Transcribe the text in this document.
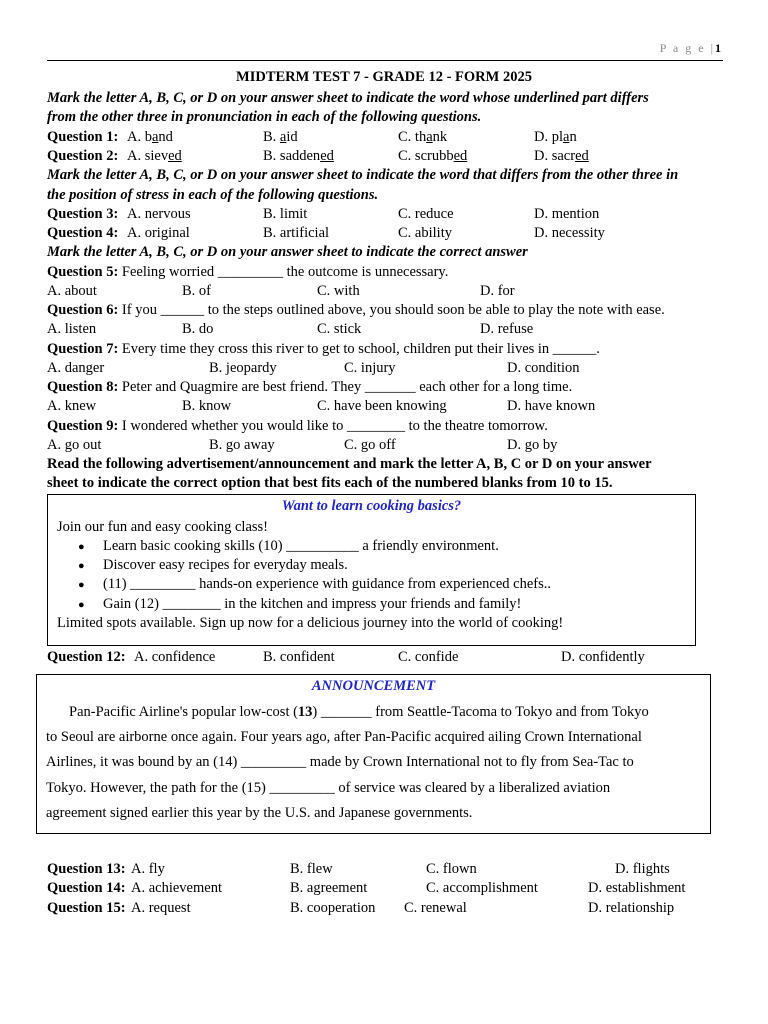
P a g e |1
MIDTERM TEST 7 - GRADE 12 - FORM 2025
Mark the letter A, B, C, or D on your answer sheet to indicate the word whose underlined part differs
from the other three in pronunciation in each of the following questions.
Question 1: A. band	B. aid	C. thank	D. plan
Question 2: A. sieved	B. saddened	C. scrubbed	D. sacred
Mark the letter A, B, C, or D on your answer sheet to indicate the word that differs from the other three in
the position of stress in each of the following questions.
Question 3: A. nervous	B. limit	C. reduce	D. mention
Question 4: A. original	B. artificial	C. ability	D. necessity
Mark the letter A, B, C, or D on your answer sheet to indicate the correct answer
Question 5: Feeling worried _________ the outcome is unnecessary.
A. about	B. of	C. with	D. for
Question 6: If you ______ to the steps outlined above, you should soon be able to play the note with ease.
A. listen	B. do	C. stick	D. refuse
Question 7: Every time they cross this river to get to school, children put their lives in ______.
A. danger	B. jeopardy	C. injury	D. condition
Question 8: Peter and Quagmire are best friend. They _______ each other for a long time.
A. knew	B. know	C. have been knowing	D. have known
Question 9: I wondered whether you would like to ________ to the theatre tomorrow.
A. go out	B. go away	C. go off	D. go by
Read the following advertisement/announcement and mark the letter A, B, C or D on your answer
sheet to indicate the correct option that best fits each of the numbered blanks from 10 to 15.
Want to learn cooking basics?
Join our fun and easy cooking class!
● Learn basic cooking skills (10) __________ a friendly environment.
● Discover easy recipes for everyday meals.
● (11) _________ hands-on experience with guidance from experienced chefs..
● Gain (12) ________ in the kitchen and impress your friends and family!
Limited spots available. Sign up now for a delicious journey into the world of cooking!
Question 12: A. confidence	B. confident	C. confide	D. confidently
ANNOUNCEMENT
Pan-Pacific Airline's popular low-cost (13) _______ from Seattle-Tacoma to Tokyo and from Tokyo
to Seoul are airborne once again. Four years ago, after Pan-Pacific acquired ailing Crown International
Airlines, it was bound by an (14) _________ made by Crown International not to fly from Sea-Tac to
Tokyo. However, the path for the (15) _________ of service was cleared by a liberalized aviation
agreement signed earlier this year by the U.S. and Japanese governments.
Question 13: A. fly	B. flew	C. flown	D. flights
Question 14: A. achievement	B. agreement	C. accomplishment	D. establishment
Question 15: A. request	B. cooperation C. renewal	D. relationship
